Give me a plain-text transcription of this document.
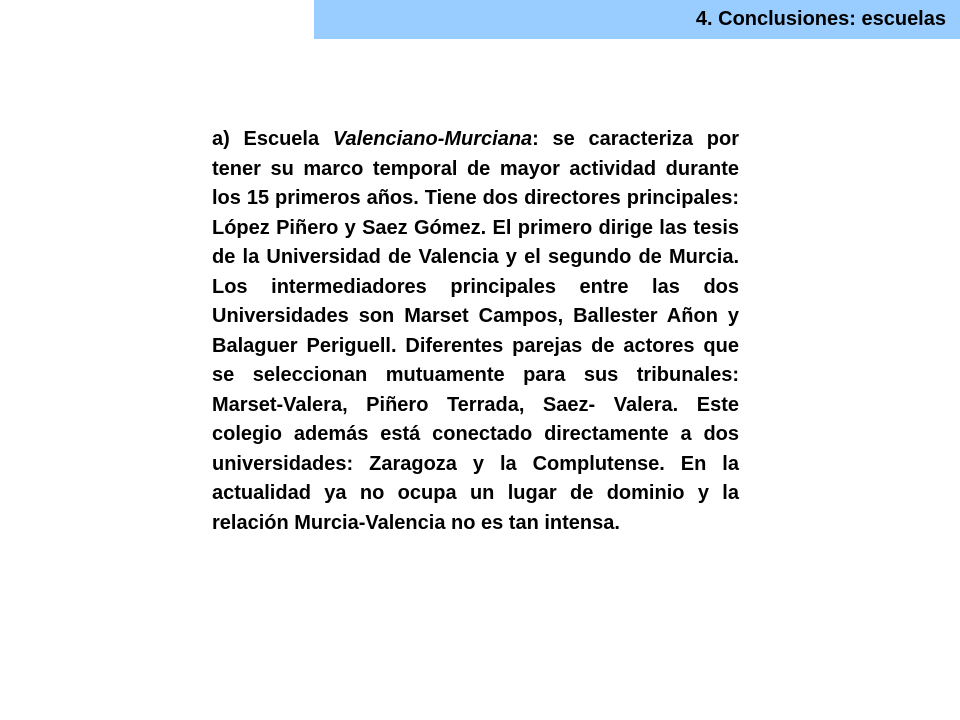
4. Conclusiones: escuelas

a) Escuela Valenciano-Murciana: se caracteriza por tener su marco temporal de mayor actividad durante los 15 primeros años. Tiene dos directores principales: López Piñero y Saez Gómez. El primero dirige las tesis de la Universidad de Valencia y el segundo de Murcia. Los intermediadores principales entre las dos Universidades son Marset Campos, Ballester Añon y Balaguer Periguell. Diferentes parejas de actores que se seleccionan mutuamente para sus tribunales: Marset-Valera, Piñero Terrada, Saez- Valera. Este colegio además está conectado directamente a dos universidades: Zaragoza y la Complutense. En la actualidad ya no ocupa un lugar de dominio y la relación Murcia-Valencia no es tan intensa.
